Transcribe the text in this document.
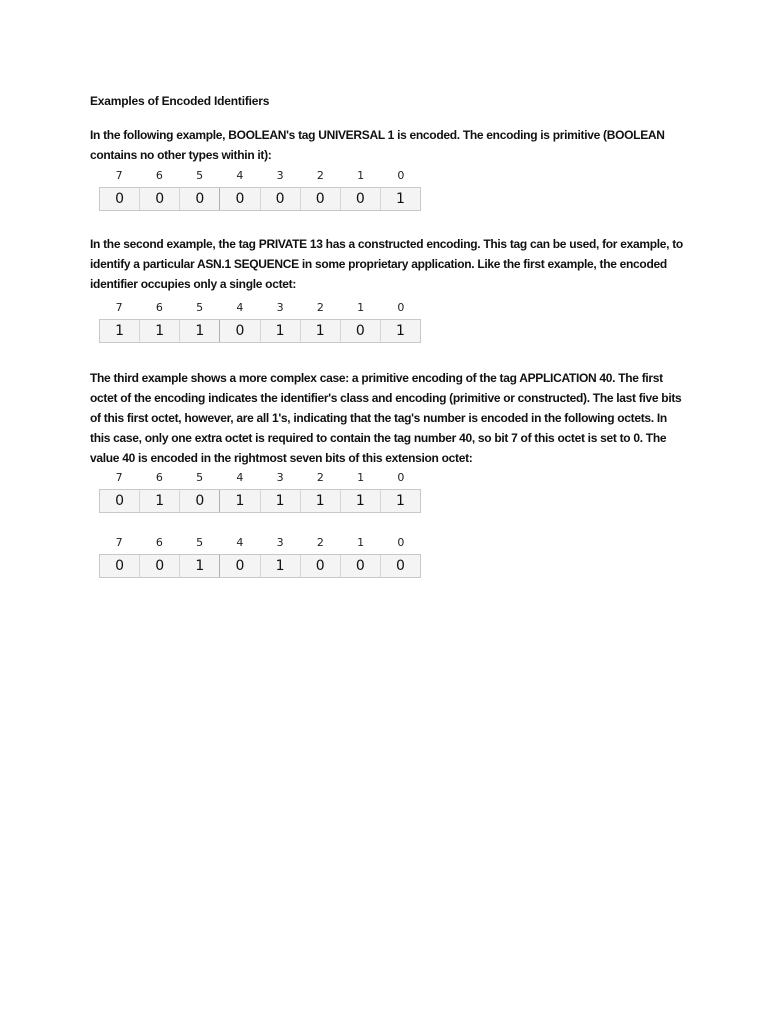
Examples of Encoded Identifiers
In the following example, BOOLEAN's tag UNIVERSAL 1 is encoded. The encoding is primitive (BOOLEAN contains no other types within it):
7	6	5	4	3	2	1	0
0	0	0	0	0	0	0	1
In the second example, the tag PRIVATE 13 has a constructed encoding. This tag can be used, for example, to identify a particular ASN.1 SEQUENCE in some proprietary application. Like the first example, the encoded identifier occupies only a single octet:
7	6	5	4	3	2	1	0
1	1	1	0	1	1	0	1
The third example shows a more complex case: a primitive encoding of the tag APPLICATION 40. The first octet of the encoding indicates the identifier's class and encoding (primitive or constructed). The last five bits of this first octet, however, are all 1's, indicating that the tag's number is encoded in the following octets. In this case, only one extra octet is required to contain the tag number 40, so bit 7 of this octet is set to 0. The value 40 is encoded in the rightmost seven bits of this extension octet:
7	6	5	4	3	2	1	0
0	1	0	1	1	1	1	1
7	6	5	4	3	2	1	0
0	0	1	0	1	0	0	0
